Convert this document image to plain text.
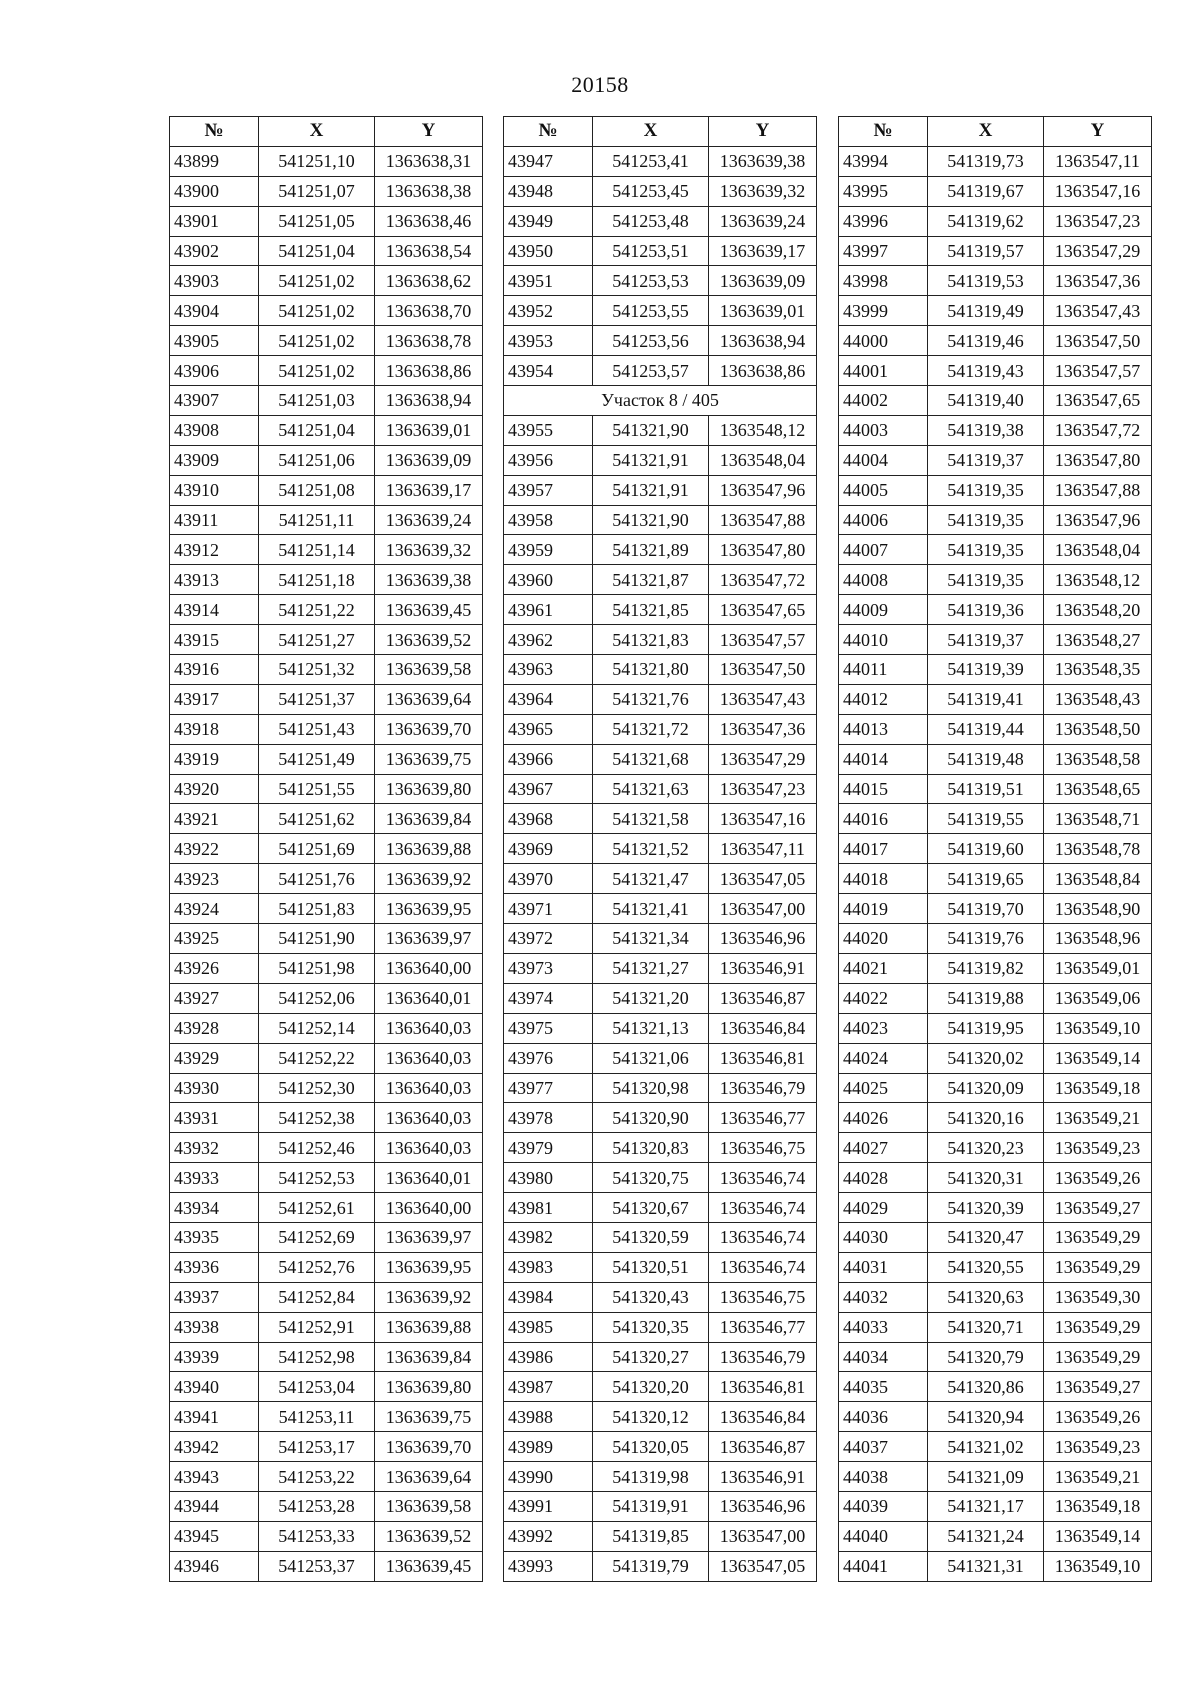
20158
№	X	Y
43899	541251,10	1363638,31
43900	541251,07	1363638,38
43901	541251,05	1363638,46
43902	541251,04	1363638,54
43903	541251,02	1363638,62
43904	541251,02	1363638,70
43905	541251,02	1363638,78
43906	541251,02	1363638,86
43907	541251,03	1363638,94
43908	541251,04	1363639,01
43909	541251,06	1363639,09
43910	541251,08	1363639,17
43911	541251,11	1363639,24
43912	541251,14	1363639,32
43913	541251,18	1363639,38
43914	541251,22	1363639,45
43915	541251,27	1363639,52
43916	541251,32	1363639,58
43917	541251,37	1363639,64
43918	541251,43	1363639,70
43919	541251,49	1363639,75
43920	541251,55	1363639,80
43921	541251,62	1363639,84
43922	541251,69	1363639,88
43923	541251,76	1363639,92
43924	541251,83	1363639,95
43925	541251,90	1363639,97
43926	541251,98	1363640,00
43927	541252,06	1363640,01
43928	541252,14	1363640,03
43929	541252,22	1363640,03
43930	541252,30	1363640,03
43931	541252,38	1363640,03
43932	541252,46	1363640,03
43933	541252,53	1363640,01
43934	541252,61	1363640,00
43935	541252,69	1363639,97
43936	541252,76	1363639,95
43937	541252,84	1363639,92
43938	541252,91	1363639,88
43939	541252,98	1363639,84
43940	541253,04	1363639,80
43941	541253,11	1363639,75
43942	541253,17	1363639,70
43943	541253,22	1363639,64
43944	541253,28	1363639,58
43945	541253,33	1363639,52
43946	541253,37	1363639,45
№	X	Y
43947	541253,41	1363639,38
43948	541253,45	1363639,32
43949	541253,48	1363639,24
43950	541253,51	1363639,17
43951	541253,53	1363639,09
43952	541253,55	1363639,01
43953	541253,56	1363638,94
43954	541253,57	1363638,86
Участок 8 / 405		
43955	541321,90	1363548,12
43956	541321,91	1363548,04
43957	541321,91	1363547,96
43958	541321,90	1363547,88
43959	541321,89	1363547,80
43960	541321,87	1363547,72
43961	541321,85	1363547,65
43962	541321,83	1363547,57
43963	541321,80	1363547,50
43964	541321,76	1363547,43
43965	541321,72	1363547,36
43966	541321,68	1363547,29
43967	541321,63	1363547,23
43968	541321,58	1363547,16
43969	541321,52	1363547,11
43970	541321,47	1363547,05
43971	541321,41	1363547,00
43972	541321,34	1363546,96
43973	541321,27	1363546,91
43974	541321,20	1363546,87
43975	541321,13	1363546,84
43976	541321,06	1363546,81
43977	541320,98	1363546,79
43978	541320,90	1363546,77
43979	541320,83	1363546,75
43980	541320,75	1363546,74
43981	541320,67	1363546,74
43982	541320,59	1363546,74
43983	541320,51	1363546,74
43984	541320,43	1363546,75
43985	541320,35	1363546,77
43986	541320,27	1363546,79
43987	541320,20	1363546,81
43988	541320,12	1363546,84
43989	541320,05	1363546,87
43990	541319,98	1363546,91
43991	541319,91	1363546,96
43992	541319,85	1363547,00
43993	541319,79	1363547,05
№	X	Y
43994	541319,73	1363547,11
43995	541319,67	1363547,16
43996	541319,62	1363547,23
43997	541319,57	1363547,29
43998	541319,53	1363547,36
43999	541319,49	1363547,43
44000	541319,46	1363547,50
44001	541319,43	1363547,57
44002	541319,40	1363547,65
44003	541319,38	1363547,72
44004	541319,37	1363547,80
44005	541319,35	1363547,88
44006	541319,35	1363547,96
44007	541319,35	1363548,04
44008	541319,35	1363548,12
44009	541319,36	1363548,20
44010	541319,37	1363548,27
44011	541319,39	1363548,35
44012	541319,41	1363548,43
44013	541319,44	1363548,50
44014	541319,48	1363548,58
44015	541319,51	1363548,65
44016	541319,55	1363548,71
44017	541319,60	1363548,78
44018	541319,65	1363548,84
44019	541319,70	1363548,90
44020	541319,76	1363548,96
44021	541319,82	1363549,01
44022	541319,88	1363549,06
44023	541319,95	1363549,10
44024	541320,02	1363549,14
44025	541320,09	1363549,18
44026	541320,16	1363549,21
44027	541320,23	1363549,23
44028	541320,31	1363549,26
44029	541320,39	1363549,27
44030	541320,47	1363549,29
44031	541320,55	1363549,29
44032	541320,63	1363549,30
44033	541320,71	1363549,29
44034	541320,79	1363549,29
44035	541320,86	1363549,27
44036	541320,94	1363549,26
44037	541321,02	1363549,23
44038	541321,09	1363549,21
44039	541321,17	1363549,18
44040	541321,24	1363549,14
44041	541321,31	1363549,10
